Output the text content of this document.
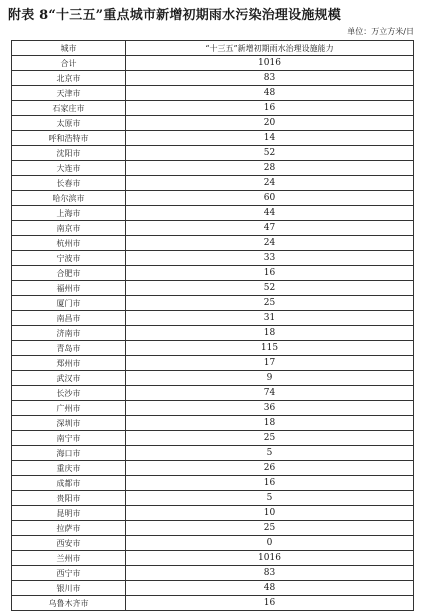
附表 8“十三五”重点城市新增初期雨水污染治理设施规模
单位：万立方米/日
城市	“十三五”新增初期雨水治理设施能力
合计	1016
北京市	83
天津市	48
石家庄市	16
太原市	20
呼和浩特市	14
沈阳市	52
大连市	28
长春市	24
哈尔滨市	60
上海市	44
南京市	47
杭州市	24
宁波市	33
合肥市	16
福州市	52
厦门市	25
南昌市	31
济南市	18
青岛市	115
郑州市	17
武汉市	9
长沙市	74
广州市	36
深圳市	18
南宁市	25
海口市	5
重庆市	26
成都市	16
贵阳市	5
昆明市	10
拉萨市	25
西安市	0
兰州市	1016
西宁市	83
银川市	48
乌鲁木齐市	16
